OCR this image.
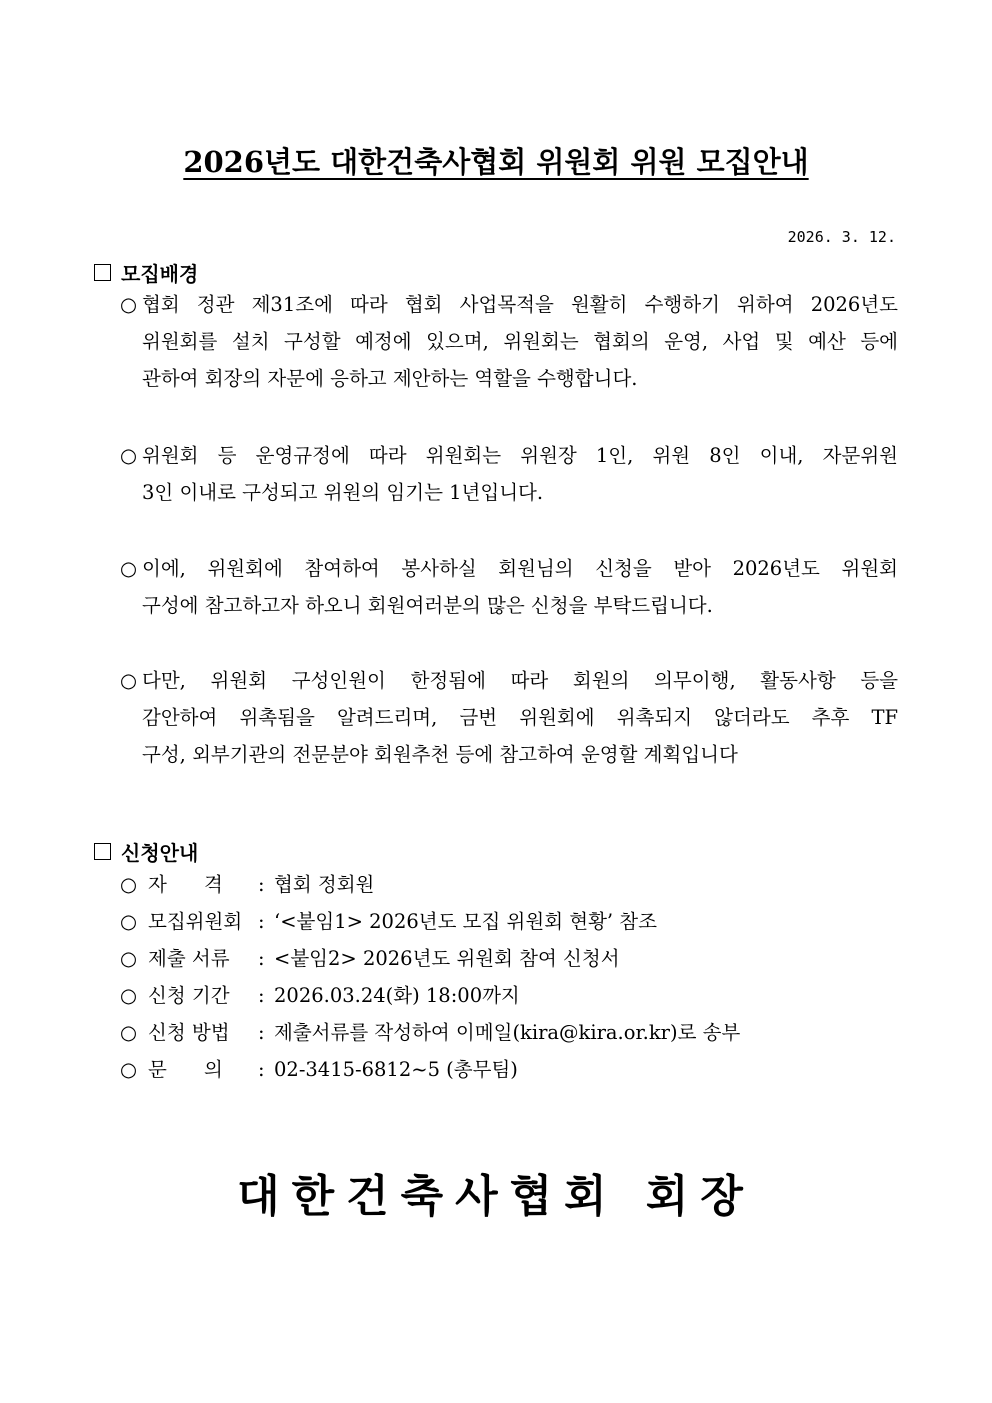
2026년도 대한건축사협회 위원회 위원 모집안내
2026. 3. 12.
모집배경
○ 협회 정관 제31조에 따라 협회 사업목적을 원활히 수행하기 위하여 2026년도
위원회를 설치 구성할 예정에 있으며, 위원회는 협회의 운영, 사업 및 예산 등에
관하여 회장의 자문에 응하고 제안하는 역할을 수행합니다.
○ 위원회 등 운영규정에 따라 위원회는 위원장 1인, 위원 8인 이내, 자문위원
3인 이내로 구성되고 위원의 임기는 1년입니다.
○ 이에, 위원회에 참여하여 봉사하실 회원님의 신청을 받아 2026년도 위원회
구성에 참고하고자 하오니 회원여러분의 많은 신청을 부탁드립니다.
○ 다만, 위원회 구성인원이 한정됨에 따라 회원의 의무이행, 활동사항 등을
감안하여 위촉됨을 알려드리며, 금번 위원회에 위촉되지 않더라도 추후 TF
구성, 외부기관의 전문분야 회원추천 등에 참고하여 운영할 계획입니다
신청안내
○ 자      격	: 협회 정회원
○ 모집위원회 : ‘<붙임1> 2026년도 모집 위원회 현황’ 참조
○ 제출 서류	: <붙임2> 2026년도 위원회 참여 신청서
○ 신청 기간	: 2026.03.24(화) 18:00까지
○ 신청 방법	: 제출서류를 작성하여 이메일(kira@kira.or.kr)로 송부
○ 문      의	: 02-3415-6812~5 (총무팀)
대한건축사협회 회장
